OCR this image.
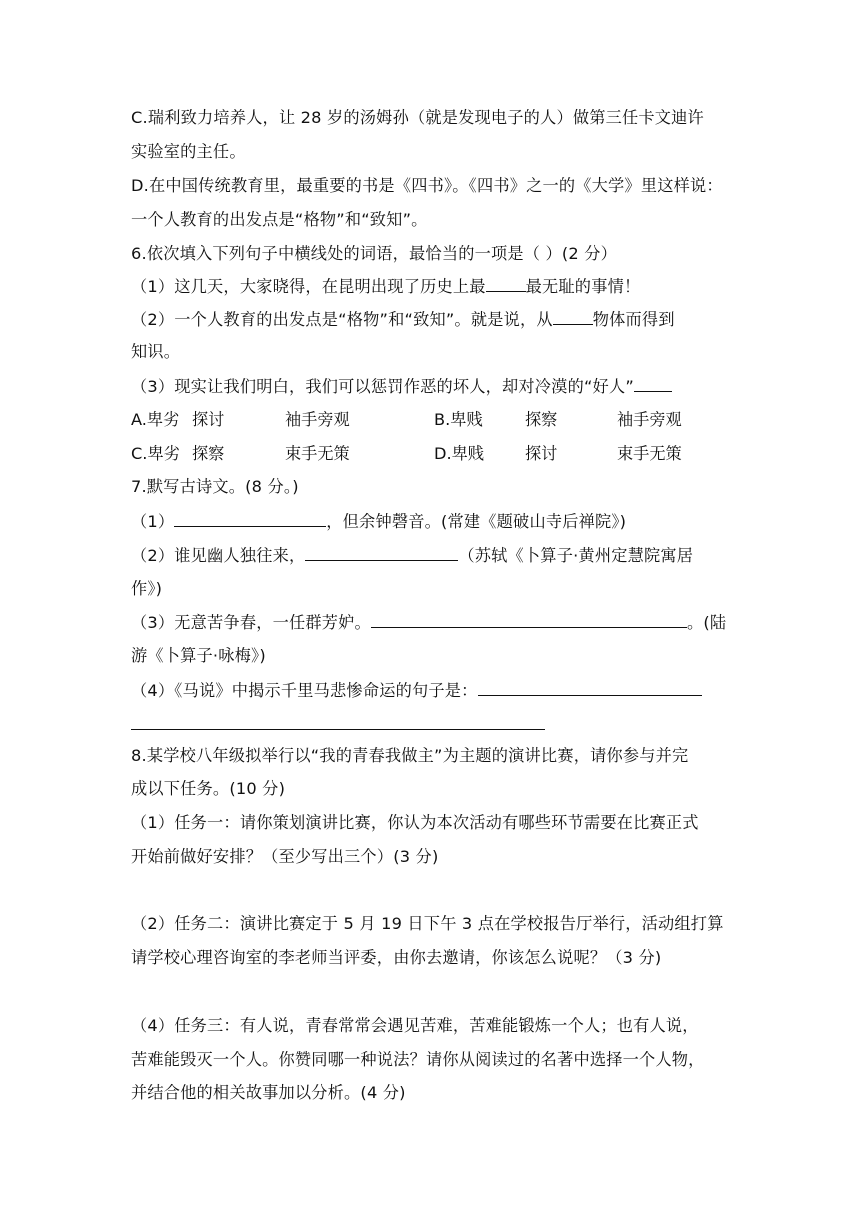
C.瑞利致力培养人，让 28 岁的汤姆孙（就是发现电子的人）做第三任卡文迪许
实验室的主任。
D.在中国传统教育里，最重要的书是《四书》。《四书》之一的《大学》里这样说：
一个人教育的出发点是“格物”和“致知”。
6.依次填入下列句子中横线处的词语，最恰当的一项是（ ）(2 分）
（1）这几天，大家晓得，在昆明出现了历史上最 最无耻的事情！
（2）一个人教育的出发点是“格物”和“致知”。就是说，从 物体而得到
知识。
（3）现实让我们明白，我们可以惩罚作恶的坏人，却对冷漠的“好人”
A.卑劣 探讨	袖手旁观	B.卑贱	探察	袖手旁观
C.卑劣 探察	束手无策	D.卑贱	探讨	束手无策
7.默写古诗文。(8 分。)
（1）	，但余钟磬音。(常建《题破山寺后禅院》)
（2）谁见幽人独往来，	（苏轼《卜算子·黄州定慧院寓居
作》)
（3）无意苦争春，一任群芳妒。	。(陆
游《卜算子·咏梅》)
（4）《马说》中揭示千里马悲惨命运的句子是：
8.某学校八年级拟举行以“我的青春我做主”为主题的演讲比赛，请你参与并完
成以下任务。(10 分)
（1）任务一：请你策划演讲比赛，你认为本次活动有哪些环节需要在比赛正式
开始前做好安排？（至少写出三个）(3 分)
（2）任务二：演讲比赛定于 5 月 19 日下午 3 点在学校报告厅举行，活动组打算
请学校心理咨询室的李老师当评委，由你去邀请，你该怎么说呢？（3 分)
（4）任务三：有人说，青春常常会遇见苦难，苦难能锻炼一个人；也有人说，
苦难能毁灭一个人。你赞同哪一种说法？请你从阅读过的名著中选择一个人物，
并结合他的相关故事加以分析。(4 分)
